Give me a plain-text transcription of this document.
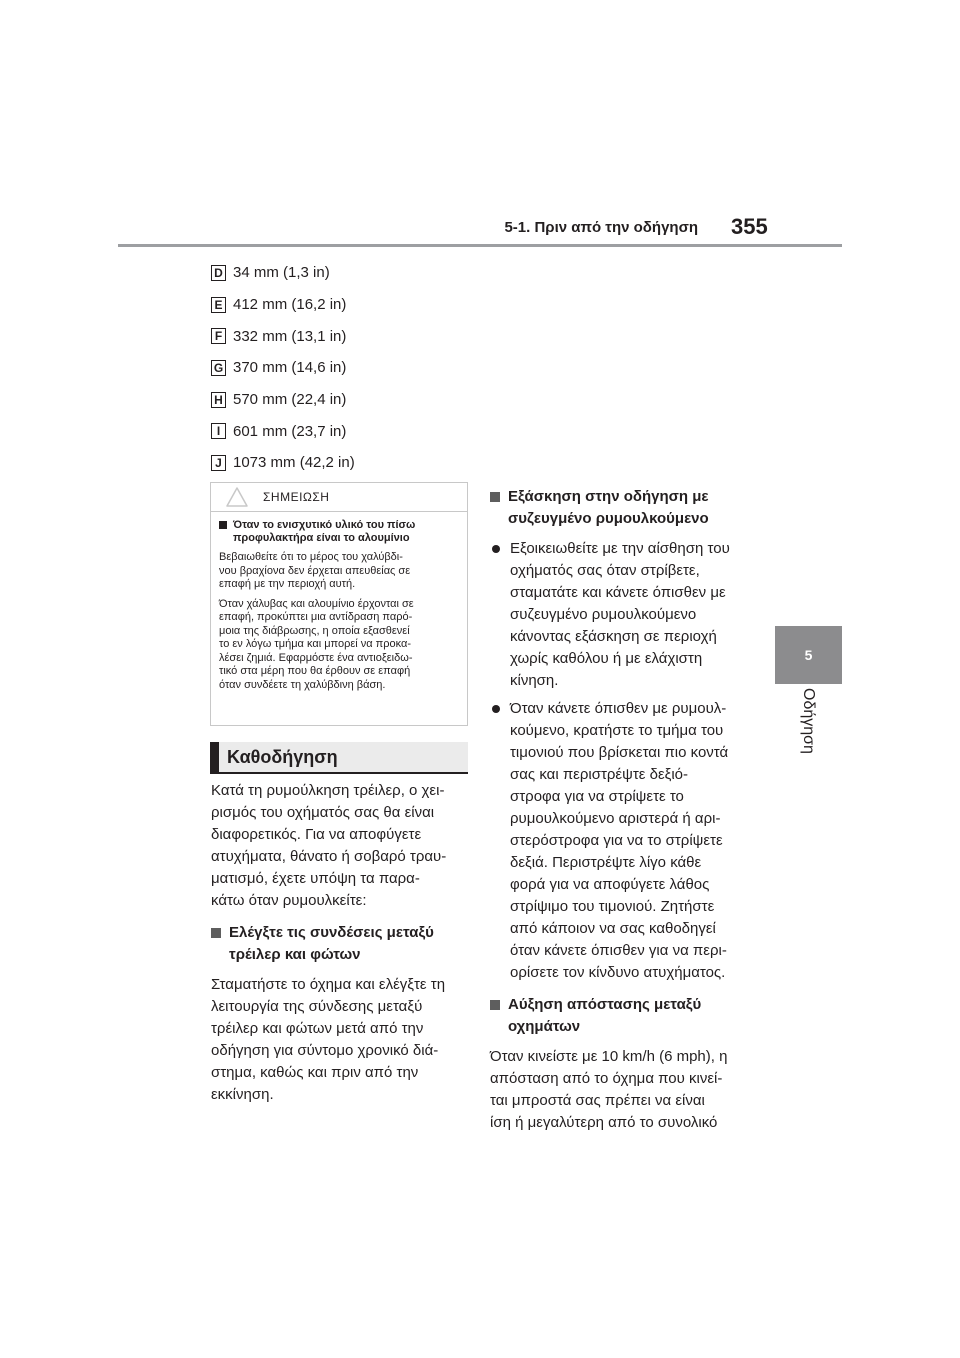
5-1. Πριν από την οδήγηση 355
5
Οδήγηση
D 34 mm (1,3 in)
E 412 mm (16,2 in)
F 332 mm (13,1 in)
G 370 mm (14,6 in)
H 570 mm (22,4 in)
I 601 mm (23,7 in)
J 1073 mm (42,2 in)
ΣΗΜΕΙΩΣΗ
Όταν το ενισχυτικό υλικό του πίσω προφυλακτήρα είναι το αλουμίνιο

Βεβαιωθείτε ότι το μέρος του χαλύβδι-
νου βραχίονα δεν έρχεται απευθείας σε
επαφή με την περιοχή αυτή.

Όταν χάλυβας και αλουμίνιο έρχονται σε
επαφή, προκύπτει μια αντίδραση παρό-
μοια της διάβρωσης, η οποία εξασθενεί
το εν λόγω τμήμα και μπορεί να προκα-
λέσει ζημιά. Εφαρμόστε ένα αντιοξειδω-
τικό στα μέρη που θα έρθουν σε επαφή
όταν συνδέετε τη χαλύβδινη βάση.

Καθοδήγηση

Κατά τη ρυμούλκηση τρέιλερ, ο χει-
ρισμός του οχήματός σας θα είναι
διαφορετικός. Για να αποφύγετε
ατυχήματα, θάνατο ή σοβαρό τραυ-
ματισμό, έχετε υπόψη τα παρα-
κάτω όταν ρυμουλκείτε:

Ελέγξτε τις συνδέσεις μεταξύ
τρέιλερ και φώτων

Σταματήστε το όχημα και ελέγξτε τη
λειτουργία της σύνδεσης μεταξύ
τρέιλερ και φώτων μετά από την
οδήγηση για σύντομο χρονικό διά-
στημα, καθώς και πριν από την
εκκίνηση.

Εξάσκηση στην οδήγηση με
συζευγμένο ρυμουλκούμενο

Εξοικειωθείτε με την αίσθηση του
οχήματός σας όταν στρίβετε,
σταματάτε και κάνετε όπισθεν με
συζευγμένο ρυμουλκούμενο
κάνοντας εξάσκηση σε περιοχή
χωρίς καθόλου ή με ελάχιστη
κίνηση.

Όταν κάνετε όπισθεν με ρυμουλ-
κούμενο, κρατήστε το τμήμα του
τιμονιού που βρίσκεται πιο κοντά
σας και περιστρέψτε δεξιό-
στροφα για να στρίψετε το
ρυμουλκούμενο αριστερά ή αρι-
στερόστροφα για να το στρίψετε
δεξιά. Περιστρέψτε λίγο κάθε
φορά για να αποφύγετε λάθος
στρίψιμο του τιμονιού. Ζητήστε
από κάποιον να σας καθοδηγεί
όταν κάνετε όπισθεν για να περι-
ορίσετε τον κίνδυνο ατυχήματος.

Αύξηση απόστασης μεταξύ
οχημάτων

Όταν κινείστε με 10 km/h (6 mph), η
απόσταση από το όχημα που κινεί-
ται μπροστά σας πρέπει να είναι
ίση ή μεγαλύτερη από το συνολικό
